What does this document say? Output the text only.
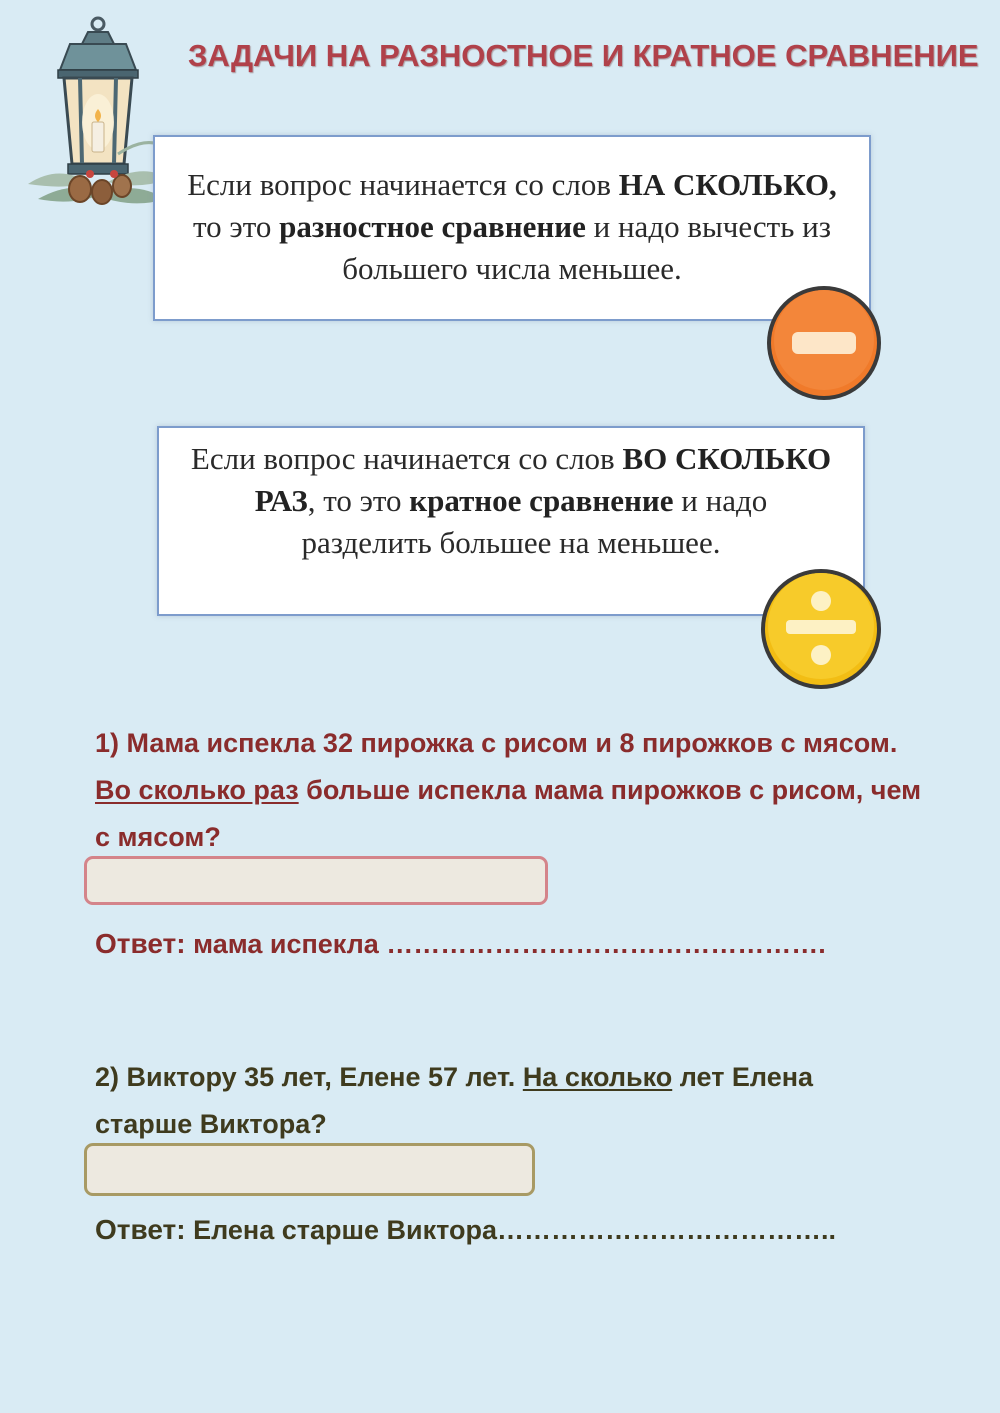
ЗАДАЧИ НА РАЗНОСТНОЕ И КРАТНОЕ СРАВНЕНИЕ
Если вопрос начинается со слов НА СКОЛЬКО, то это разностное сравнение и надо вычесть из большего числа меньшее.
Если вопрос начинается со слов ВО СКОЛЬКО РАЗ, то это кратное сравнение и надо разделить большее на меньшее.
1) Мама испекла 32 пирожка с рисом и 8 пирожков с мясом. Во сколько раз больше испекла мама пирожков с рисом, чем с мясом?
Ответ: мама испекла ………………………………………….
2) Виктору 35 лет, Елене 57 лет. На сколько лет Елена старше Виктора?
Ответ: Елена старше Виктора………………………………..
